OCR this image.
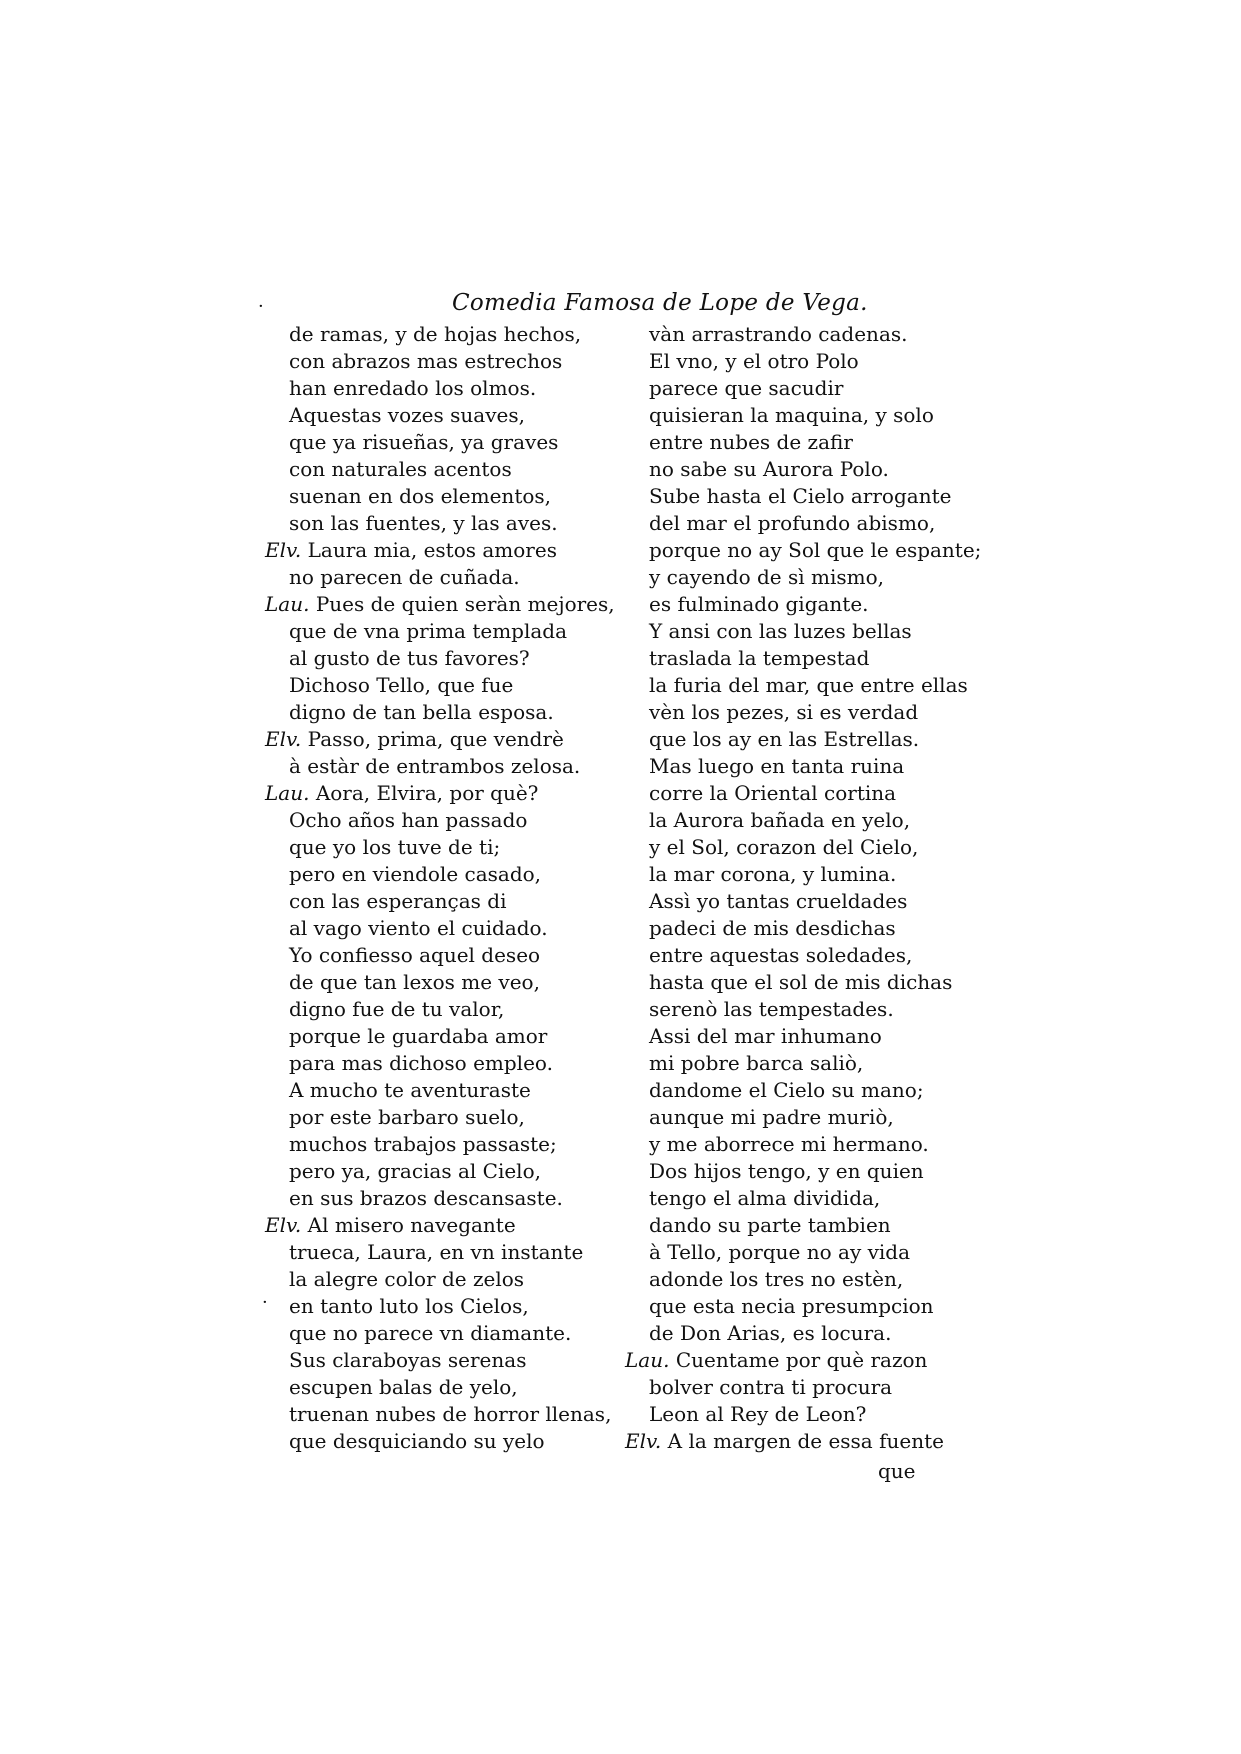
Comedia Famosa de Lope de Vega.
·
·
de ramas, y de hojas hechos,
con abrazos mas estrechos
han enredado los olmos.
Aquestas vozes suaves,
que ya risueñas, ya graves
con naturales acentos
suenan en dos elementos,
son las fuentes, y las aves.
Elv. Laura mia, estos amores
no parecen de cuñada.
Lau. Pues de quien seràn mejores,
que de vna prima templada
al gusto de tus favores?
Dichoso Tello, que fue
digno de tan bella esposa.
Elv. Passo, prima, que vendrè
à estàr de entrambos zelosa.
Lau. Aora, Elvira, por què?
Ocho años han passado
que yo los tuve de ti;
pero en viendole casado,
con las esperanças di
al vago viento el cuidado.
Yo confiesso aquel deseo
de que tan lexos me veo,
digno fue de tu valor,
porque le guardaba amor
para mas dichoso empleo.
A mucho te aventuraste
por este barbaro suelo,
muchos trabajos passaste;
pero ya, gracias al Cielo,
en sus brazos descansaste.
Elv. Al misero navegante
trueca, Laura, en vn instante
la alegre color de zelos
en tanto luto los Cielos,
que no parece vn diamante.
Sus claraboyas serenas
escupen balas de yelo,
truenan nubes de horror llenas,
que desquiciando su yelo
vàn arrastrando cadenas.
El vno, y el otro Polo
parece que sacudir
quisieran la maquina, y solo
entre nubes de zafir
no sabe su Aurora Polo.
Sube hasta el Cielo arrogante
del mar el profundo abismo,
porque no ay Sol que le espante;
y cayendo de sì mismo,
es fulminado gigante.
Y ansi con las luzes bellas
traslada la tempestad
la furia del mar, que entre ellas
vèn los pezes, si es verdad
que los ay en las Estrellas.
Mas luego en tanta ruina
corre la Oriental cortina
la Aurora bañada en yelo,
y el Sol, corazon del Cielo,
la mar corona, y lumina.
Assì yo tantas crueldades
padeci de mis desdichas
entre aquestas soledades,
hasta que el sol de mis dichas
serenò las tempestades.
Assi del mar inhumano
mi pobre barca saliò,
dandome el Cielo su mano;
aunque mi padre muriò,
y me aborrece mi hermano.
Dos hijos tengo, y en quien
tengo el alma dividida,
dando su parte tambien
à Tello, porque no ay vida
adonde los tres no estèn,
que esta necia presumpcion
de Don Arias, es locura.
Lau. Cuentame por què razon
bolver contra ti procura
Leon al Rey de Leon?
Elv. A la margen de essa fuente
que
